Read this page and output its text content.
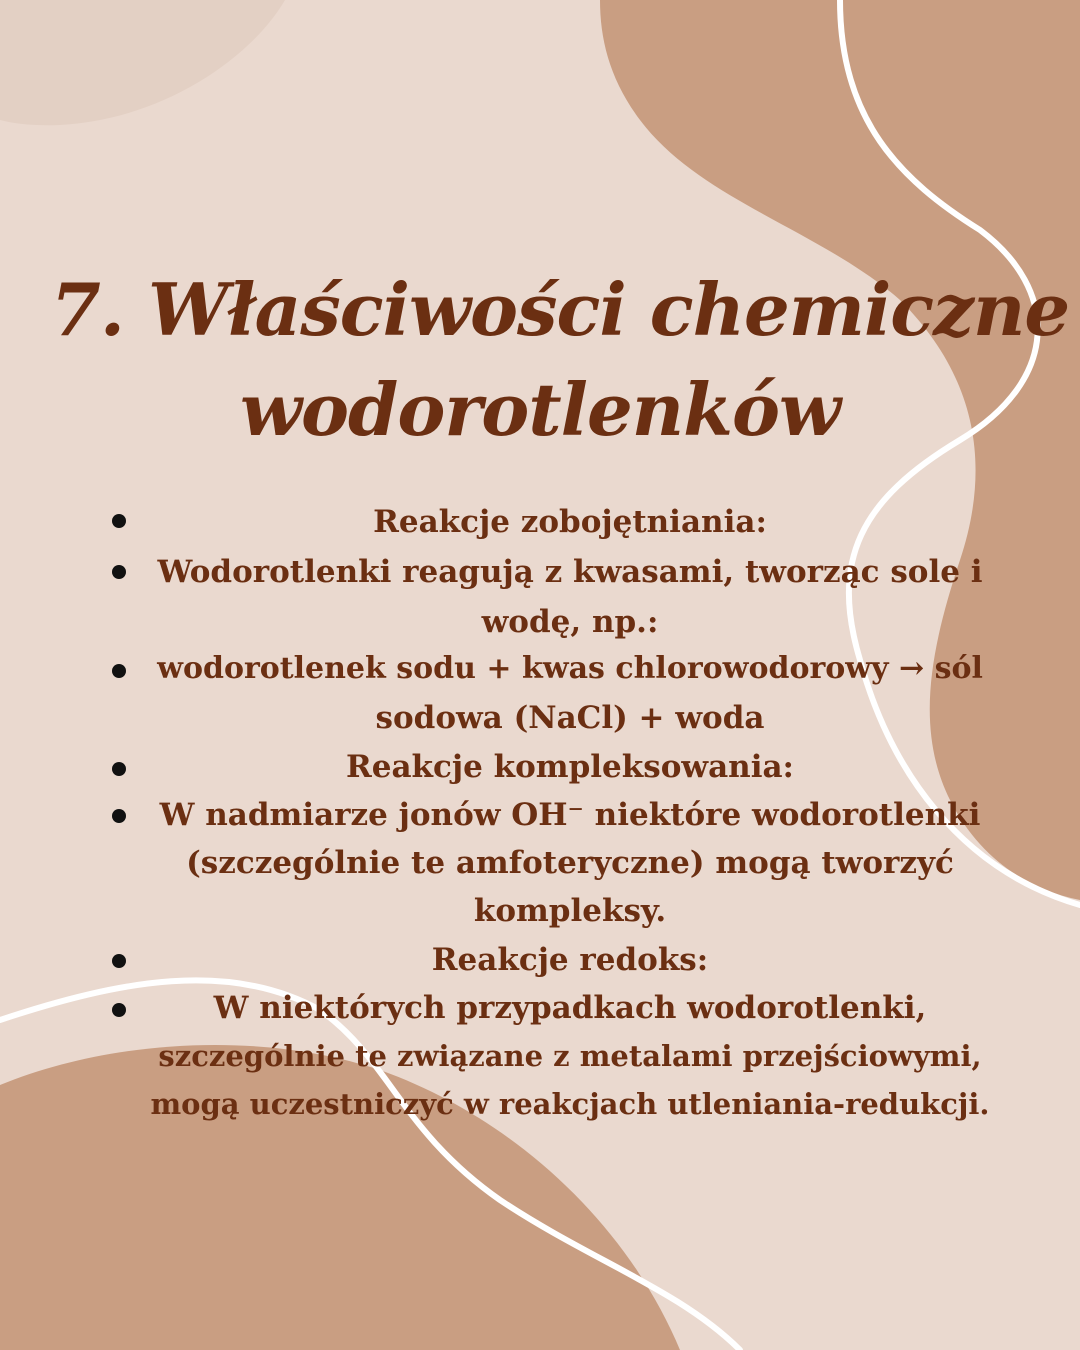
7. Właściwości chemiczne
wodorotlenków
Reakcje zobojętniania:
Wodorotlenki reagują z kwasami, tworząc sole i
wodę, np.:
wodorotlenek sodu + kwas chlorowodorowy → sól
sodowa (NaCl) + woda
Reakcje kompleksowania:
W nadmiarze jonów OH⁻ niektóre wodorotlenki
(szczególnie te amfoteryczne) mogą tworzyć
kompleksy.
Reakcje redoks:
W niektórych przypadkach wodorotlenki,
szczególnie te związane z metalami przejściowymi,
mogą uczestniczyć w reakcjach utleniania-redukcji.
